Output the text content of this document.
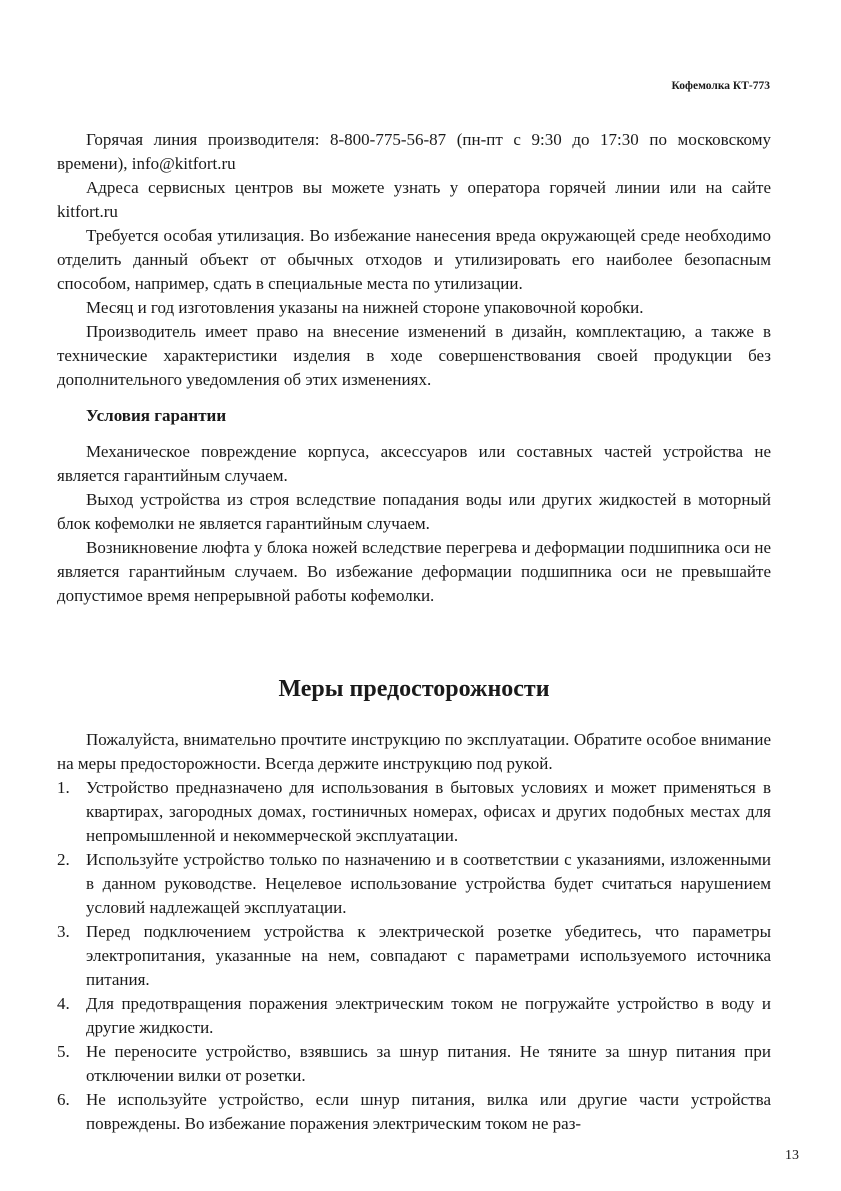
Кофемолка КТ-773

Горячая линия производителя: 8-800-775-56-87 (пн-пт с 9:30 до 17:30 по московскому времени), info@kitfort.ru

Адреса сервисных центров вы можете узнать у оператора горячей линии или на сайте kitfort.ru

Требуется особая утилизация. Во избежание нанесения вреда окружающей среде необходимо отделить данный объект от обычных отходов и утилизировать его наиболее безопасным способом, например, сдать в специальные места по утилизации.

Месяц и год изготовления указаны на нижней стороне упаковочной коробки.

Производитель имеет право на внесение изменений в дизайн, комплектацию, а также в технические характеристики изделия в ходе совершенствования своей продукции без дополнительного уведомления об этих изменениях.

Условия гарантии

Механическое повреждение корпуса, аксессуаров или составных частей устройства не является гарантийным случаем.

Выход устройства из строя вследствие попадания воды или других жидкостей в моторный блок кофемолки не является гарантийным случаем.

Возникновение люфта у блока ножей вследствие перегрева и деформации подшипника оси не является гарантийным случаем. Во избежание деформации подшипника оси не превышайте допустимое время непрерывной работы кофемолки.

Меры предосторожности

Пожалуйста, внимательно прочтите инструкцию по эксплуатации. Обратите особое внимание на меры предосторожности. Всегда держите инструкцию под рукой.

1. Устройство предназначено для использования в бытовых условиях и может применяться в квартирах, загородных домах, гостиничных номерах, офисах и других подобных местах для непромышленной и некоммерческой эксплуатации.
2. Используйте устройство только по назначению и в соответствии с указаниями, изложенными в данном руководстве. Нецелевое использование устройства будет считаться нарушением условий надлежащей эксплуатации.
3. Перед подключением устройства к электрической розетке убедитесь, что параметры электропитания, указанные на нем, совпадают с параметрами используемого источника питания.
4. Для предотвращения поражения электрическим током не погружайте устройство в воду и другие жидкости.
5. Не переносите устройство, взявшись за шнур питания. Не тяните за шнур питания при отключении вилки от розетки.
6. Не используйте устройство, если шнур питания, вилка или другие части устройства повреждены. Во избежание поражения электрическим током не раз-
13
